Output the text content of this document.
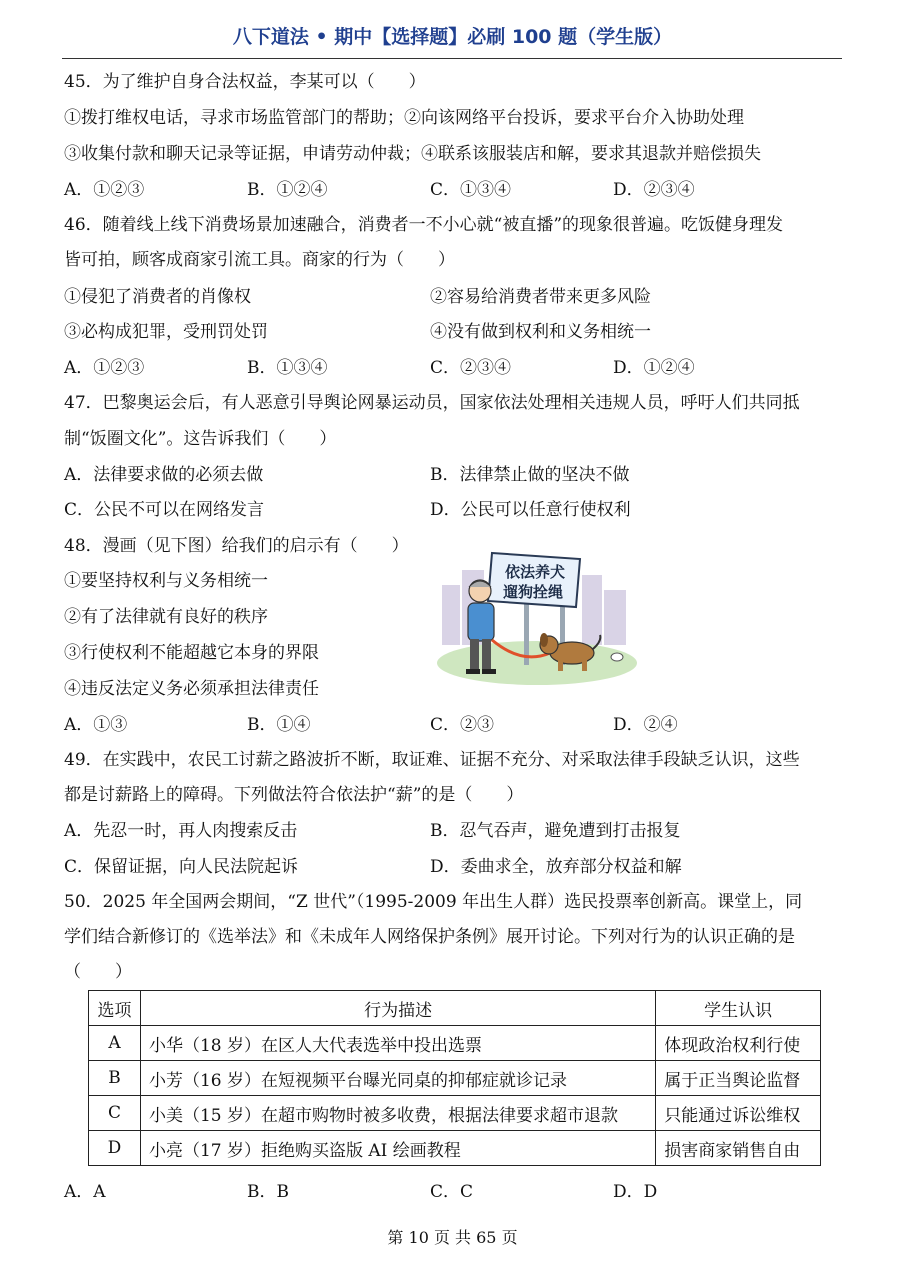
八下道法 • 期中【选择题】必刷 100 题（学生版）
45．为了维护自身合法权益，李某可以（　　）
①拨打维权电话，寻求市场监管部门的帮助；②向该网络平台投诉，要求平台介入协助处理
③收集付款和聊天记录等证据，申请劳动仲裁；④联系该服装店和解，要求其退款并赔偿损失
A．①②③	B．①②④	C．①③④	D．②③④
46．随着线上线下消费场景加速融合，消费者一不小心就“被直播”的现象很普遍。吃饭健身理发
皆可拍，顾客成商家引流工具。商家的行为（　　）
①侵犯了消费者的肖像权	②容易给消费者带来更多风险
③必构成犯罪，受刑罚处罚	④没有做到权利和义务相统一
A．①②③	B．①③④	C．②③④	D．①②④
47．巴黎奥运会后，有人恶意引导舆论网暴运动员，国家依法处理相关违规人员，呼吁人们共同抵
制“饭圈文化”。这告诉我们（　　）
A．法律要求做的必须去做	B．法律禁止做的坚决不做
C．公民不可以在网络发言	D．公民可以任意行使权利
48．漫画（见下图）给我们的启示有（　　）
①要坚持权利与义务相统一
②有了法律就有良好的秩序
③行使权利不能超越它本身的界限
④违反法定义务必须承担法律责任
依法养犬
遛狗拴绳
A．①③	B．①④	C．②③	D．②④
49．在实践中，农民工讨薪之路波折不断，取证难、证据不充分、对采取法律手段缺乏认识，这些
都是讨薪路上的障碍。下列做法符合依法护“薪”的是（　　）
A．先忍一时，再人肉搜索反击	B．忍气吞声，避免遭到打击报复
C．保留证据，向人民法院起诉	D．委曲求全，放弃部分权益和解
50．2025 年全国两会期间，“Z 世代”（1995-2009 年出生人群）选民投票率创新高。课堂上，同
学们结合新修订的《选举法》和《未成年人网络保护条例》展开讨论。下列对行为的认识正确的是
（　　）
选项	行为描述	学生认识
A	小华（18 岁）在区人大代表选举中投出选票	体现政治权利行使
B	小芳（16 岁）在短视频平台曝光同桌的抑郁症就诊记录	属于正当舆论监督
C	小美（15 岁）在超市购物时被多收费，根据法律要求超市退款	只能通过诉讼维权
D	小亮（17 岁）拒绝购买盗版 AI 绘画教程	损害商家销售自由
A．A	B．B	C．C	D．D
第 10 页 共 65 页
